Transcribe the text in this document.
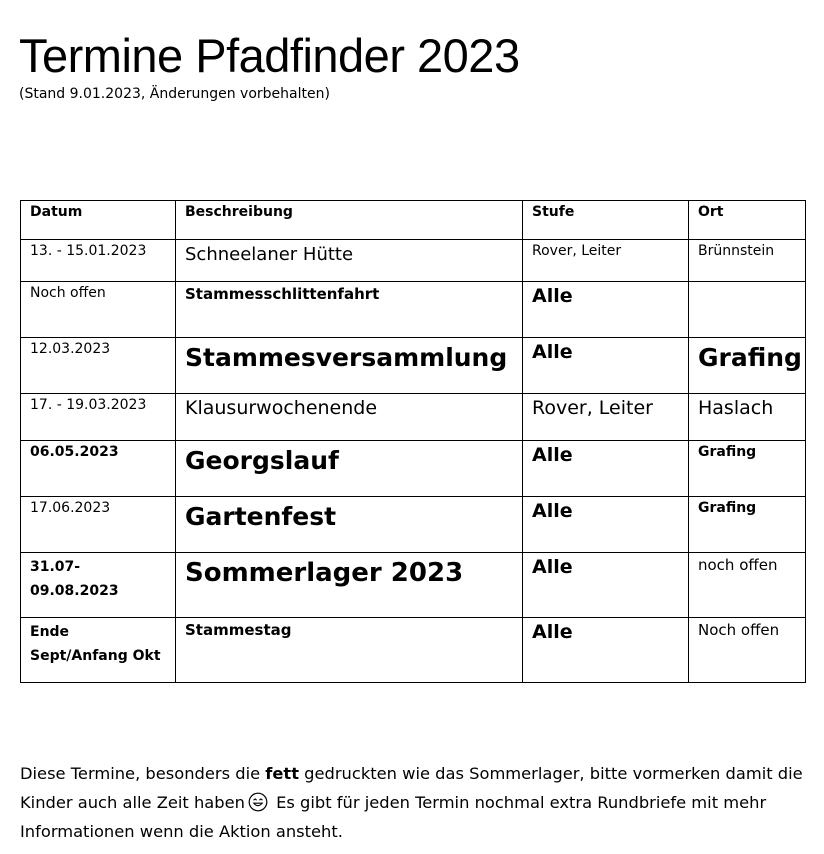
Termine Pfadfinder 2023
(Stand 9.01.2023, Änderungen vorbehalten)
Datum	Beschreibung	Stufe	Ort
13. - 15.01.2023	Schneelaner Hütte	Rover, Leiter	Brünnstein
Noch offen	Stammesschlittenfahrt	Alle	
12.03.2023	Stammesversammlung	Alle	Grafing
17. - 19.03.2023	Klausurwochenende	Rover, Leiter	Haslach
06.05.2023	Georgslauf	Alle	Grafing
17.06.2023	Gartenfest	Alle	Grafing
31.07-
09.08.2023	Sommerlager 2023	Alle	noch offen
Ende
Sept/Anfang Okt	Stammestag	Alle	Noch offen
Diese Termine, besonders die fett gedruckten wie das Sommerlager, bitte vormerken damit die Kinder auch alle Zeit haben Es gibt für jeden Termin nochmal extra Rundbriefe mit mehr Informationen wenn die Aktion ansteht.
